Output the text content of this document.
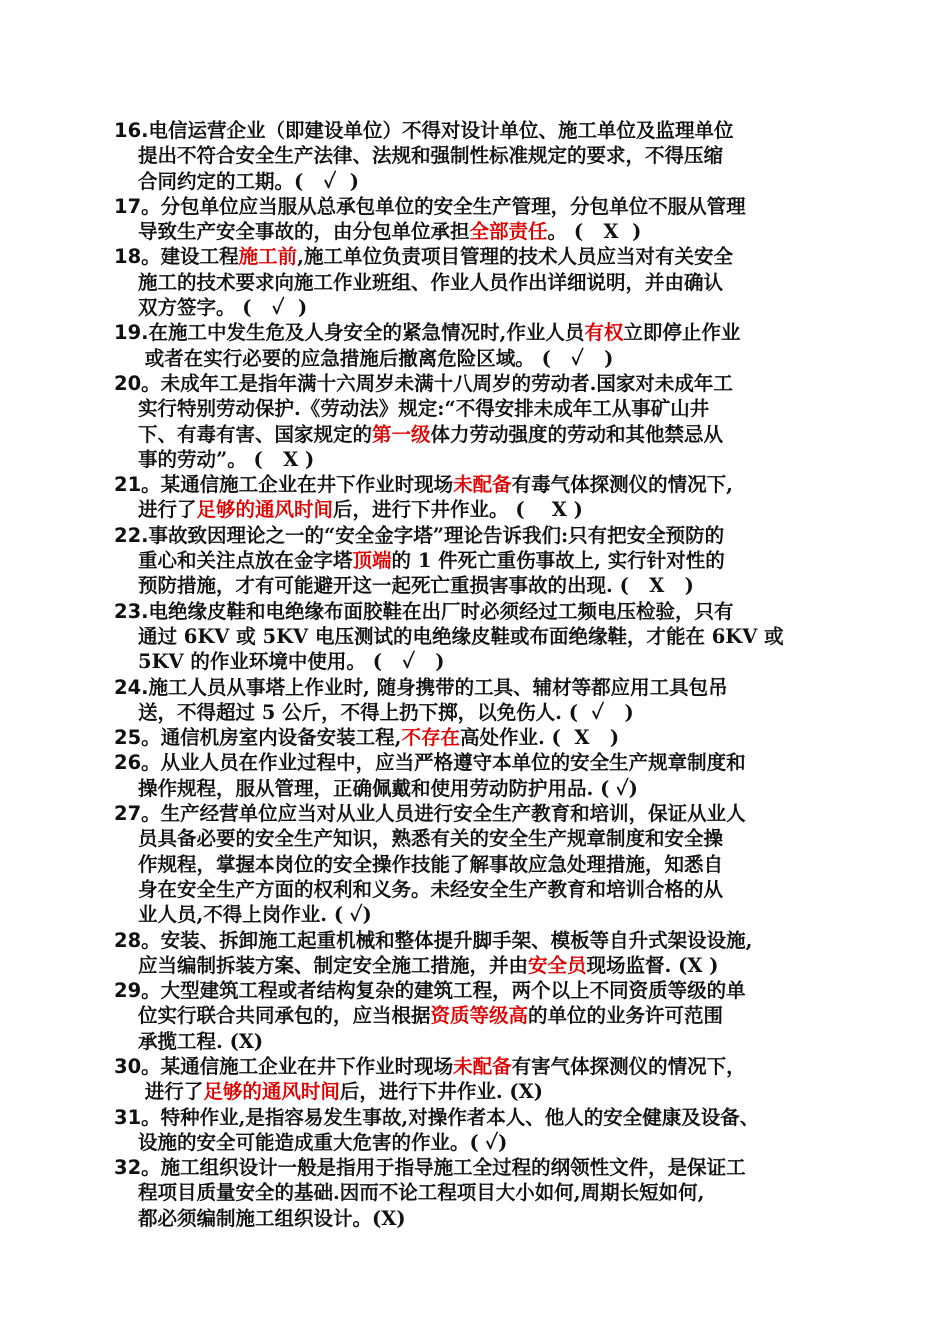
16.电信运营企业（即建设单位）不得对设计单位、施工单位及监理单位
提出不符合安全生产法律、法规和强制性标准规定的要求，不得压缩
合同约定的工期。(   ✓  )
17。分包单位应当服从总承包单位的安全生产管理，分包单位不服从管理
导致生产安全事故的，由分包单位承担全部责任。 (   X  )
18。建设工程施工前,施工单位负责项目管理的技术人员应当对有关安全
施工的技术要求向施工作业班组、作业人员作出详细说明，并由确认
双方签字。 (   ✓  )
19.在施工中发生危及人身安全的紧急情况时,作业人员有权立即停止作业
或者在实行必要的应急措施后撤离危险区域。 (   ✓   )
20。未成年工是指年满十六周岁未满十八周岁的劳动者.国家对未成年工
实行特别劳动保护.《劳动法》规定:“不得安排未成年工从事矿山井
下、有毒有害、国家规定的第一级体力劳动强度的劳动和其他禁忌从
事的劳动”。 (   X )
21。某通信施工企业在井下作业时现场未配备有毒气体探测仪的情况下,
进行了足够的通风时间后，进行下井作业。 (    X )
22.事故致因理论之一的“安全金字塔”理论告诉我们:只有把安全预防的
重心和关注点放在金字塔顶端的 1 件死亡重伤事故上, 实行针对性的
预防措施，才有可能避开这一起死亡重损害事故的出现. (   X   )
23.电绝缘皮鞋和电绝缘布面胶鞋在出厂时必须经过工频电压检验，只有
通过 6KV 或 5KV 电压测试的电绝缘皮鞋或布面绝缘鞋，才能在 6KV 或
5KV 的作业环境中使用。 (   ✓   )
24.施工人员从事塔上作业时, 随身携带的工具、辅材等都应用工具包吊
送，不得超过 5 公斤，不得上扔下掷，以免伤人. (  ✓   )
25。通信机房室内设备安装工程,不存在高处作业. (  X   )
26。从业人员在作业过程中，应当严格遵守本单位的安全生产规章制度和
操作规程，服从管理，正确佩戴和使用劳动防护用品. ( ✓)
27。生产经营单位应当对从业人员进行安全生产教育和培训，保证从业人
员具备必要的安全生产知识，熟悉有关的安全生产规章制度和安全操
作规程，掌握本岗位的安全操作技能了解事故应急处理措施，知悉自
身在安全生产方面的权利和义务。未经安全生产教育和培训合格的从
业人员,不得上岗作业. ( ✓)
28。安装、拆卸施工起重机械和整体提升脚手架、模板等自升式架设设施,
应当编制拆装方案、制定安全施工措施，并由安全员现场监督. (X )
29。大型建筑工程或者结构复杂的建筑工程，两个以上不同资质等级的单
位实行联合共同承包的，应当根据资质等级高的单位的业务许可范围
承揽工程. (X)
30。某通信施工企业在井下作业时现场未配备有害气体探测仪的情况下，
进行了足够的通风时间后，进行下井作业. (X)
31。特种作业,是指容易发生事故,对操作者本人、他人的安全健康及设备、
设施的安全可能造成重大危害的作业。( ✓)
32。施工组织设计一般是指用于指导施工全过程的纲领性文件，是保证工
程项目质量安全的基础.因而不论工程项目大小如何,周期长短如何,
都必须编制施工组织设计。(X)
